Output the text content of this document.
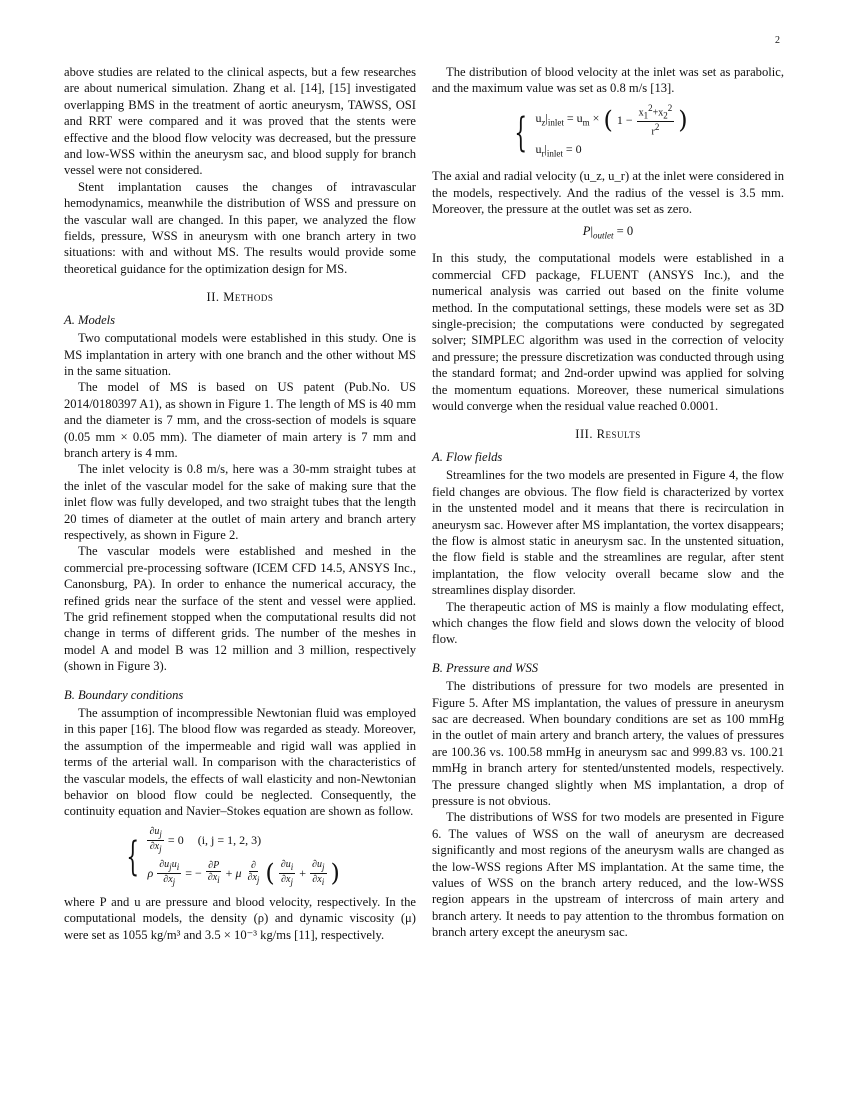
2

above studies are related to the clinical aspects, but a few researches are about numerical simulation. Zhang et al. [14], [15] investigated overlapping BMS in the treatment of aortic aneurysm, TAWSS, OSI and RRT were compared and it was proved that the stents were effective and the blood flow velocity was decreased, but the pressure and low-WSS within the aneurysm sac, and blood supply for branch vessel were not considered.

Stent implantation causes the changes of intravascular hemodynamics, meanwhile the distribution of WSS and pressure on the vascular wall are changed. In this paper, we analyzed the flow fields, pressure, WSS in aneurysm with one branch artery in two situations: with and without MS. The results would provide some theoretical guidance for the optimization design for MS.

II. Methods
A. Models

Two computational models were established in this study. One is MS implantation in artery with one branch and the other without MS in the same situation.

The model of MS is based on US patent (Pub.No. US 2014/0180397 A1), as shown in Figure 1. The length of MS is 40 mm and the diameter is 7 mm, and the cross-section of models is square (0.05 mm × 0.05 mm). The diameter of main artery is 7 mm and branch artery is 4 mm.

The inlet velocity is 0.8 m/s, here was a 30-mm straight tubes at the inlet of the vascular model for the sake of making sure that the inlet flow was fully developed, and two straight tubes that the length 20 times of diameter at the outlet of main artery and branch artery respectively, as shown in Figure 2.

The vascular models were established and meshed in the commercial pre-processing software (ICEM CFD 14.5, ANSYS Inc., Canonsburg, PA). In order to enhance the numerical accuracy, the refined grids near the surface of the stent and vessel were applied. The grid refinement stopped when the computational results did not change in terms of different grids. The number of the meshes in model A and model B was 12 million and 3 million, respectively (shown in Figure 3).

B. Boundary conditions

The assumption of incompressible Newtonian fluid was employed in this paper [16]. The blood flow was regarded as steady. Moreover, the assumption of the impermeable and rigid wall was applied in terms of the arterial wall. In comparison with the characteristics of the vascular models, the effects of wall elasticity and non-Newtonian behavior on blood flow could be neglected. Consequently, the continuity equation and Navier–Stokes equation are shown as follow.

{ $\frac{\partial u_j}{\partial x_j} = 0$ (i, j = 1, 2, 3)
ρ $\frac{\partial u_ju_i}{\partial x_j}$ = − $\frac{\partial P}{\partial x_i} + \mu \frac{\partial}{\partial x_j}$ ( $\frac{\partial u_i}{\partial x_j} + \frac{\partial u_j}{\partial x_i}$ )

where P and u are pressure and blood velocity, respectively. In the computational models, the density (ρ) and dynamic viscosity (μ) were set as 1055 kg/m³ and 3.5 × 10⁻³ kg/ms [11], respectively.

The distribution of blood velocity at the inlet was set as parabolic, and the maximum value was set as 0.8 m/s [13].

{ $u_z|_{inlet} = u_m$ × ( $1 - \frac{x_1^2+x_2^2}{r^2}$ )
$u_r|_{inlet} = 0$

The axial and radial velocity (u_z, u_r) at the inlet were considered in the models, respectively. And the radius of the vessel is 3.5 mm. Moreover, the pressure at the outlet was set as zero.

$P|_{outlet} = 0$

In this study, the computational models were established in a commercial CFD package, FLUENT (ANSYS Inc.), and the numerical analysis was carried out based on the finite volume method. In the computational settings, these models were set as 3D single-precision; the computations were conducted by segregated solver; SIMPLEC algorithm was used in the correction of velocity and pressure; the pressure discretization was conducted through using the standard format; and 2nd-order upwind was applied for solving the momentum equations. Moreover, these numerical simulations would converge when the residual value reached 0.0001.

III. Results
A. Flow fields

Streamlines for the two models are presented in Figure 4, the flow field changes are obvious. The flow field is characterized by vortex in the unstented model and it means that there is recirculation in aneurysm sac. However after MS implantation, the vortex disappears; the flow is almost static in aneurysm sac. In the unstented situation, the flow field is stable and the streamlines are regular, after stent implantation, the flow velocity overall became slow and the streamlines display disorder.

The therapeutic action of MS is mainly a flow modulating effect, which changes the flow field and slows down the velocity of blood flow.

B. Pressure and WSS

The distributions of pressure for two models are presented in Figure 5. After MS implantation, the values of pressure in aneurysm sac are decreased. When boundary conditions are set as 100 mmHg in the outlet of main artery and branch artery, the values of pressures are 100.36 vs. 100.58 mmHg in aneurysm sac and 999.83 vs. 100.21 mmHg in branch artery for stented/unstented models, respectively. The pressure changed slightly when MS implantation, a drop of pressure is not obvious.

The distributions of WSS for two models are presented in Figure 6. The values of WSS on the wall of aneurysm are decreased significantly and most regions of the aneurysm walls are changed as the low-WSS regions After MS implantation. At the same time, the values of WSS on the branch artery reduced, and the low-WSS region appears in the upstream of intercross of main artery and branch artery. It needs to pay attention to the thrombus formation on branch artery except the aneurysm sac.
